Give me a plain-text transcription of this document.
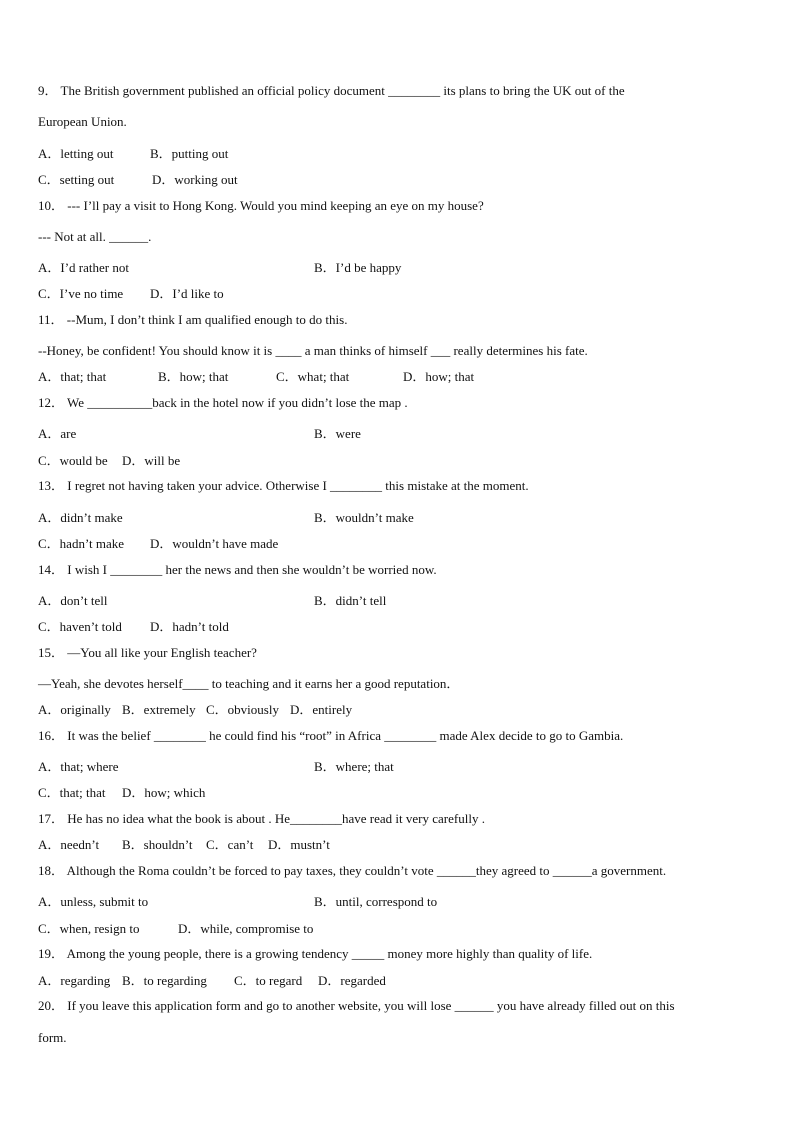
9． The British government published an official policy document ________ its plans to bring the UK out of the
European Union.
A．letting out	B．putting out
C．setting out	D．working out
10． --- I’ll pay a visit to Hong Kong. Would you mind keeping an eye on my house?
--- Not at all. ______.
A．I’d rather not	B．I’d be happy
C．I’ve no time D．I’d like to
11． --Mum, I don’t think I am qualified enough to do this.
--Honey, be confident! You should know it is ____ a man thinks of himself ___ really determines his fate.
A．that; that	B．how; that	C．what; that	D．how; that
12． We __________back in the hotel now if you didn’t lose the map .
A．are	B．were
C．would be D．will be
13． I regret not having taken your advice. Otherwise I ________ this mistake at the moment.
A．didn’t make	B．wouldn’t make
C．hadn’t make D．wouldn’t have made
14． I wish I ________ her the news and then she wouldn’t be worried now.
A．don’t tell	B．didn’t tell
C．haven’t told D．hadn’t told
15． —You all like your English teacher?
—Yeah, she devotes herself____ to teaching and it earns her a good reputation．
A．originally B．extremely C．obviously D．entirely
16． It was the belief ________ he could find his “root” in Africa ________ made Alex decide to go to Gambia.
A．that; where	B．where; that
C．that; that D．how; which
17． He has no idea what the book is about . He________have read it very carefully .
A．needn’t B．shouldn’t C．can’t D．mustn’t
18． Although the Roma couldn’t be forced to pay taxes, they couldn’t vote ______they agreed to ______a government.
A．unless, submit to	B．until, correspond to
C．when, resign to	D．while, compromise to
19． Among the young people, there is a growing tendency _____ money more highly than quality of life.
A．regarding B．to regarding C．to regard D．regarded
20． If you leave this application form and go to another website, you will lose ______ you have already filled out on this
form.
